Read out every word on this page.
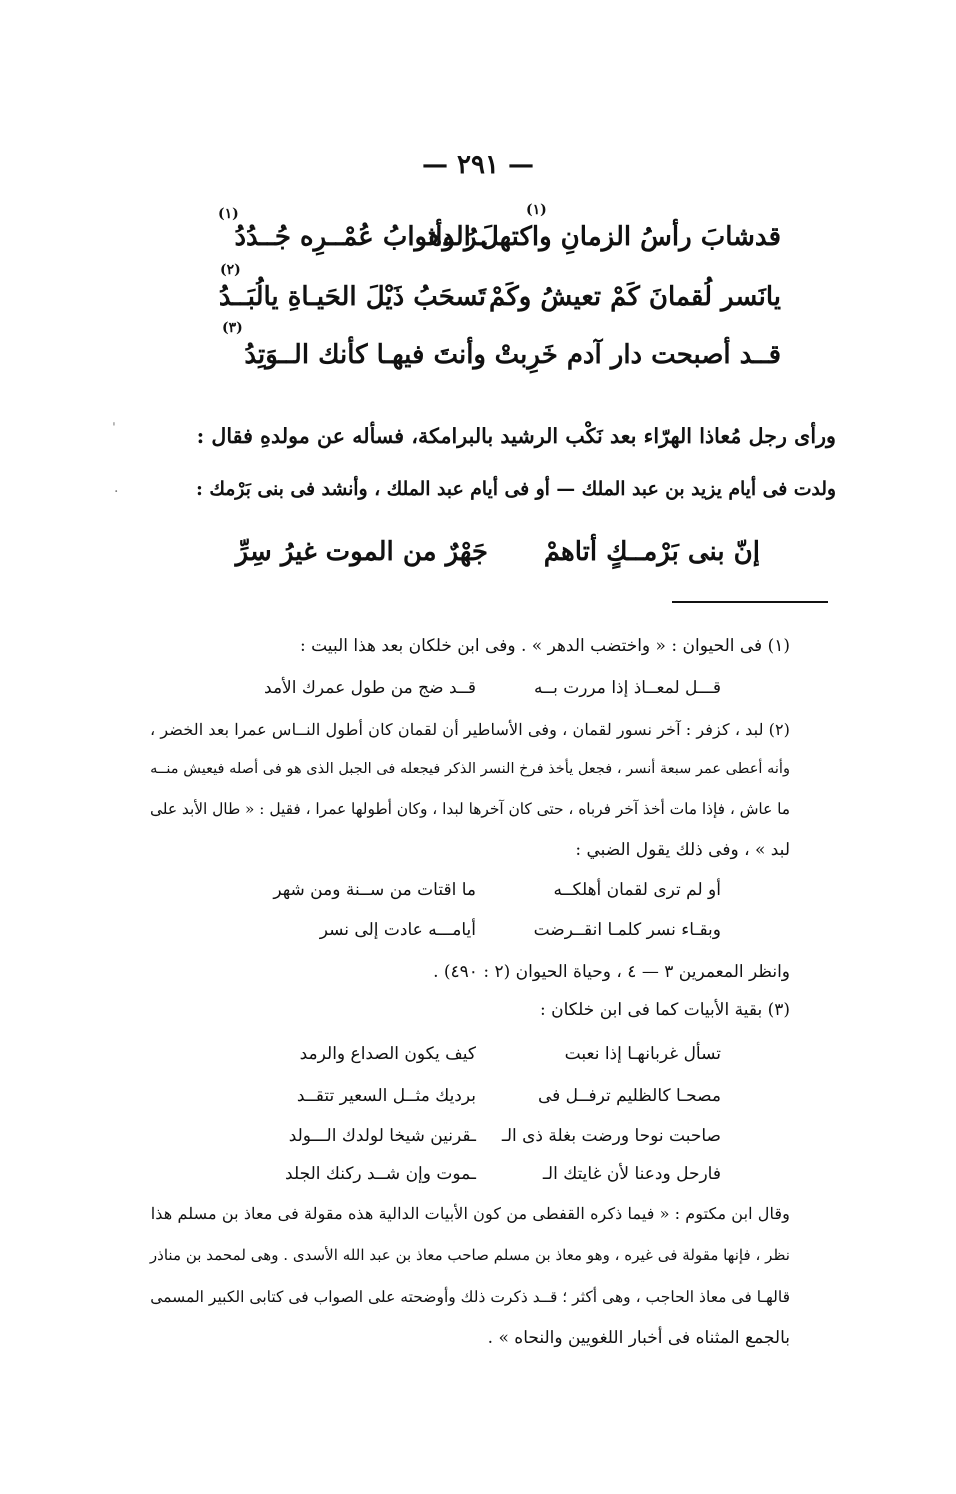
— ٢٩١ —
قدشابَ رأسُ الزمانِ واكتهلَ الدهـ
ـرُ وأثوابُ عُمْــرِه جُــدُدُ
(١)
(١)
يانَسر لُقمانَ كَمْ تعيشُ وكَمْ
تَسحَبُ ذَيْلَ الحَيـاةِ يالُبَــدُ
(٢)
قــد أصبحت دار آدم خَرِبتْ
وأنتَ فيهـا كأنك الــوَتِدُ
(٣)
ورأى رجل مُعاذا الهرّاء بعد نَكْب الرشيد بالبرامكة، فسأله عن مولدهِ فقال :
ولدت فى أيام يزيد بن عبد الملك — أو فى أيام عبد الملك ، وأنشد فى بنى بَرْمك :
إنّ بنى بَرْمــكٍ أتاهمْ
جَهْرٌ من الموت غيرُ سِرِّ
(١) فى الحيوان : « واختضب الدهر » . وفى ابن خلكان بعد هذا البيت :
قـــل لمعــاذ إذا مررت بــه
قــد ضج من طول عمرك الأمد
(٢) لبد ، كزفر : آخر نسور لقمان ، وفى الأساطير أن لقمان كان أطول النــاس عمرا بعد الخضر ،
وأنه أعطى عمر سبعة أنسر ، فجعل يأخذ فرخ النسر الذكر فيجعله فى الجبل الذى هو فى أصله فيعيش منــه
ما عاش ، فإذا مات أخذ آخر فرباه ، حتى كان آخرها لبدا ، وكان أطولها عمرا ، فقيل : « طال الأبد على
لبد » ، وفى ذلك يقول الضبي :
أو لم ترى لقمان أهلكــه
ما اقتات من ســنة ومن شهر
وبقـاء نسر كلمـا انقــرضت
أيامـــه عادت إلى نسر
وانظر المعمرين ٣ — ٤ ، وحياة الحيوان (٢ : ٤٩٠) .
(٣) بقية الأبيات كما فى ابن خلكان :
تسأل غربانهـا إذا نعبت
كيف يكون الصداع والرمد
مصحـا كالظليم ترفــل فى
برديك مثــل السعير تتقــد
صاحبت نوحا ورضت بغلة ذى الـ
ـقرنين شيخا لولدك الـــولد
فارحل ودعنا لأن غايتك الـ
ـموت وإن شــد ركنك الجلد
وقال ابن مكتوم : « فيما ذكره القفطى من كون الأبيات الدالية هذه مقولة فى معاذ بن مسلم هذا
نظر ، فإنها مقولة فى غيره ، وهو معاذ بن مسلم صاحب معاذ بن عبد الله الأسدى . وهى لمحمد بن مناذر
قالهـا فى معاذ الحاجب ، وهى أكثر ؛ قــد ذكرت ذلك وأوضحته على الصواب فى كتابى الكبير المسمى
بالجمع المثناه فى أخبار اللغويين والنحاه » .
ˌ
·
